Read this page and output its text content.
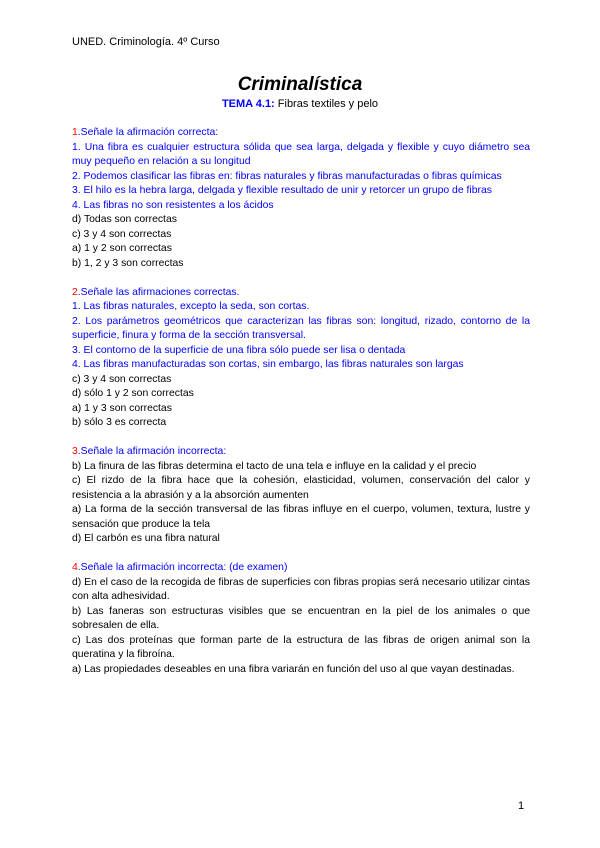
UNED. Criminología. 4º Curso
Criminalística
TEMA 4.1: Fibras textiles y pelo

1.Señale la afirmación correcta:

1. Una fibra es cualquier estructura sólida que sea larga, delgada y flexible y cuyo diámetro sea muy pequeño en relación a su longitud

2. Podemos clasificar las fibras en: fibras naturales y fibras manufacturadas o fibras químicas

3. El hilo es la hebra larga, delgada y flexible resultado de unir y retorcer un grupo de fibras

4. Las fibras no son resistentes a los ácidos

d) Todas son correctas

c) 3 y 4 son correctas

a) 1 y 2 son correctas

b) 1, 2 y 3 son correctas

2.Señale las afirmaciones correctas.

1. Las fibras naturales, excepto la seda, son cortas.

2. Los parámetros geométricos que caracterizan las fibras son: longitud, rizado, contorno de la superficie, finura y forma de la sección transversal.

3. El contorno de la superficie de una fibra sólo puede ser lisa o dentada

4. Las fibras manufacturadas son cortas, sin embargo, las fibras naturales son largas

c) 3 y 4 son correctas

d) sólo 1 y 2 son correctas

a) 1 y 3 son correctas

b) sólo 3 es correcta

3.Señale la afirmación incorrecta:

b) La finura de las fibras determina el tacto de una tela e influye en la calidad y el precio

c) El rizdo de la fibra hace que la cohesión, elasticidad, volumen, conservación del calor y resistencia a la abrasión y a la absorción aumenten

a) La forma de la sección transversal de las fibras influye en el cuerpo, volumen, textura, lustre y sensación que produce la tela

d) El carbón es una fibra natural

4.Señale la afirmación incorrecta: (de examen)

d) En el caso de la recogida de fibras de superficies con fibras propias será necesario utilizar cintas con alta adhesividad.

b) Las faneras son estructuras visibles que se encuentran en la piel de los animales o que sobresalen de ella.

c) Las dos proteínas que forman parte de la estructura de las fibras de origen animal son la queratina y la fibroína.

a) Las propiedades deseables en una fibra variarán en función del uso al que vayan destinadas.

1
